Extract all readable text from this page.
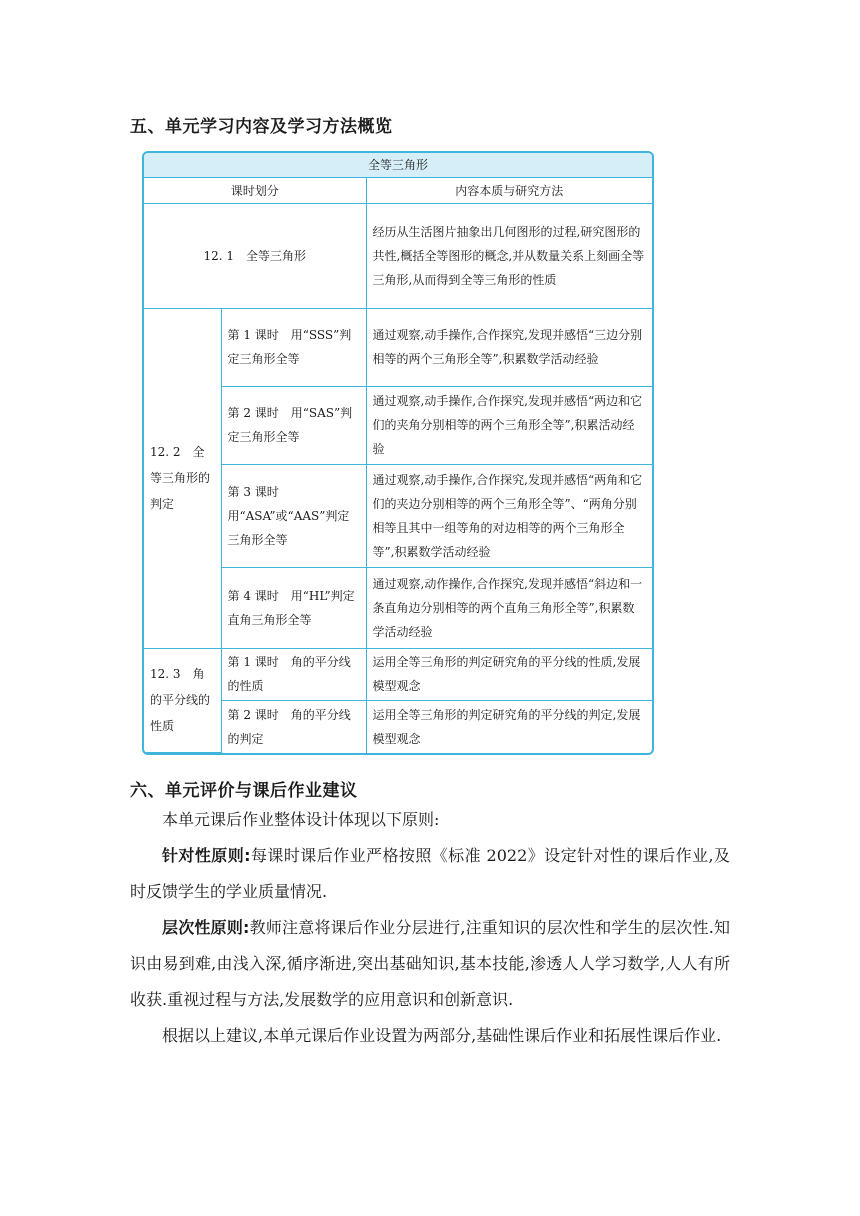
五、单元学习内容及学习方法概览
全等三角形		
课时划分		内容本质与研究方法
12. 1　全等三角形		经历从生活图片抽象出几何图形的过程,研究图形的共性,概括全等图形的概念,并从数量关系上刻画全等三角形,从而得到全等三角形的性质
12. 2　全等三角形的判定	第 1 课时　用“SSS”判定三角形全等	通过观察,动手操作,合作探究,发现并感悟“三边分别相等的两个三角形全等”,积累数学活动经验
	第 2 课时　用“SAS”判定三角形全等	通过观察,动手操作,合作探究,发现并感悟“两边和它们的夹角分别相等的两个三角形全等”,积累活动经验
	第 3 课时　用“ASA”或“AAS”判定三角形全等	通过观察,动手操作,合作探究,发现并感悟“两角和它们的夹边分别相等的两个三角形全等”、“两角分别相等且其中一组等角的对边相等的两个三角形全等”,积累数学活动经验
	第 4 课时　用“HL”判定直角三角形全等	通过观察,动作操作,合作探究,发现并感悟“斜边和一条直角边分别相等的两个直角三角形全等”,积累数学活动经验
12. 3　角的平分线的性质	第 1 课时　角的平分线的性质	运用全等三角形的判定研究角的平分线的性质,发展模型观念
	第 2 课时　角的平分线的判定	运用全等三角形的判定研究角的平分线的判定,发展模型观念
六、单元评价与课后作业建议

本单元课后作业整体设计体现以下原则:

针对性原则:每课时课后作业严格按照《标准 2022》设定针对性的课后作业,及时反馈学生的学业质量情况.

层次性原则:教师注意将课后作业分层进行,注重知识的层次性和学生的层次性.知识由易到难,由浅入深,循序渐进,突出基础知识,基本技能,渗透人人学习数学,人人有所收获.重视过程与方法,发展数学的应用意识和创新意识.

根据以上建议,本单元课后作业设置为两部分,基础性课后作业和拓展性课后作业.
